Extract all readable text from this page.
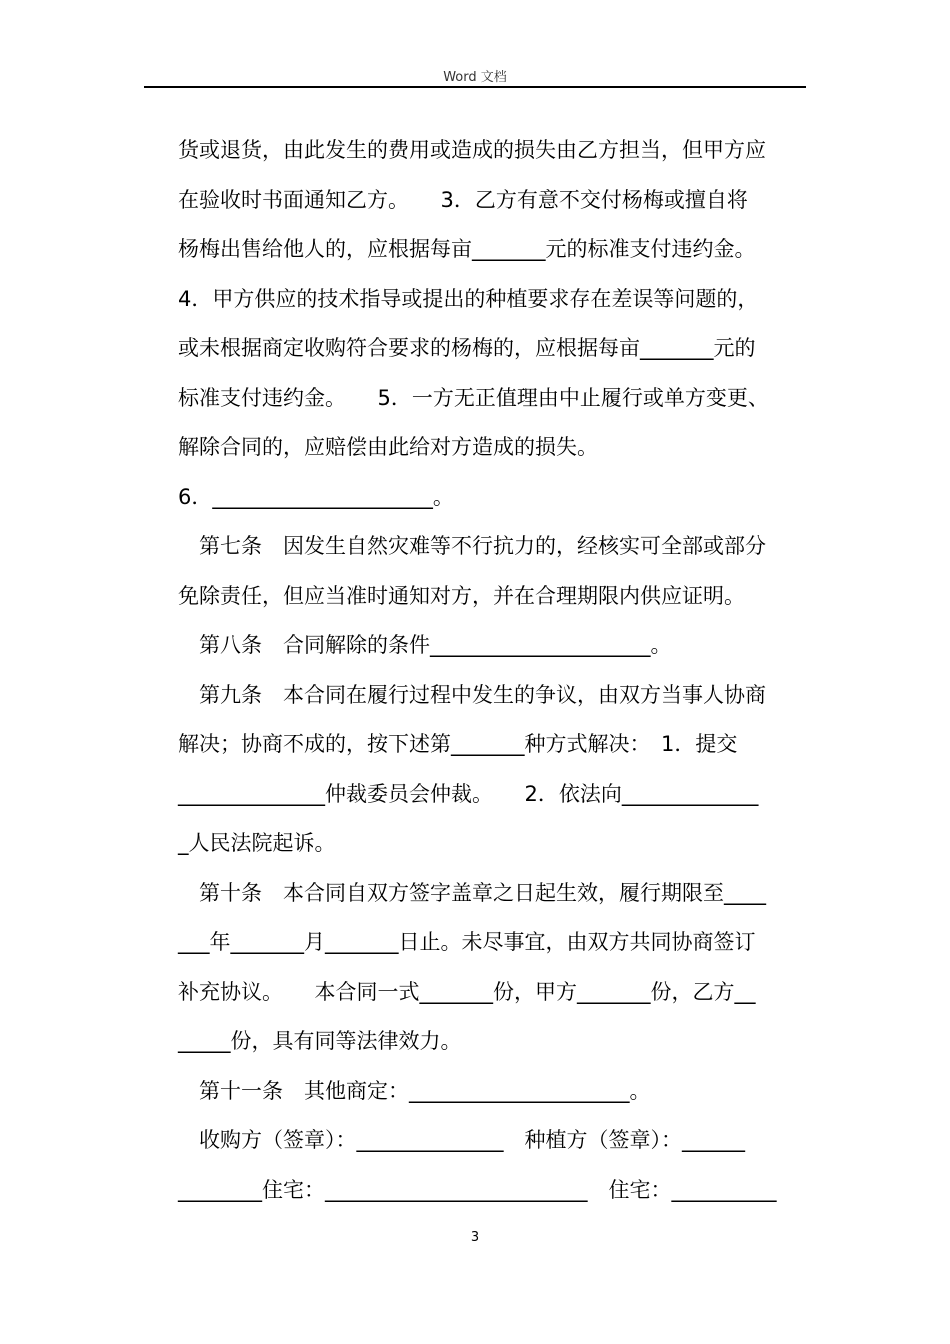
Word 文档
货或退货，由此发生的费用或造成的损失由乙方担当，但甲方应
在验收时书面通知乙方。　　3．乙方有意不交付杨梅或擅自将
杨梅出售给他人的，应根据每亩_______元的标准支付违约金。
4．甲方供应的技术指导或提出的种植要求存在差误等问题的，
或未根据商定收购符合要求的杨梅的，应根据每亩_______元的
标准支付违约金。　　5．一方无正值理由中止履行或单方变更、
解除合同的，应赔偿由此给对方造成的损失。
6．_____________________。
　第七条　因发生自然灾难等不行抗力的，经核实可全部或部分
免除责任，但应当准时通知对方，并在合理期限内供应证明。
　第八条　合同解除的条件_____________________。
　第九条　本合同在履行过程中发生的争议，由双方当事人协商
解决；协商不成的，按下述第_______种方式解决：　1．提交
______________仲裁委员会仲裁。　　2．依法向_____________
_人民法院起诉。
　第十条　本合同自双方签字盖章之日起生效，履行期限至____
___年_______月_______日止。未尽事宜，由双方共同协商签订
补充协议。　　本合同一式_______份，甲方_______份，乙方__
_____份，具有同等法律效力。
　第十一条　其他商定：_____________________。
　收购方（签章）：______________　种植方（签章）：______
________住宅：_________________________　住宅：__________
3
